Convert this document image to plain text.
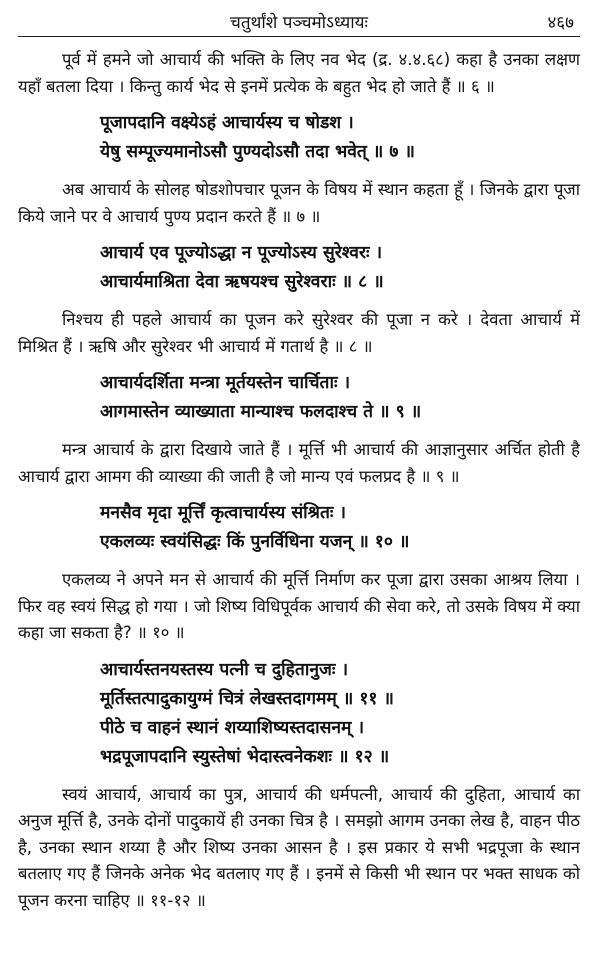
चतुर्थांशे पञ्चमोऽध्यायः	४६७

पूर्व में हमने जो आचार्य की भक्ति के लिए नव भेद (द्र. ४.४.६८) कहा है उनका लक्षण यहाँ बतला दिया । किन्तु कार्य भेद से इनमें प्रत्येक के बहुत भेद हो जाते हैं ॥ ६ ॥

पूजापदानि वक्ष्येऽहं आचार्यस्य च षोडश ।
येषु सम्पूज्यमानोऽसौ पुण्यदोऽसौ तदा भवेत् ॥ ७ ॥

अब आचार्य के सोलह षोडशोपचार पूजन के विषय में स्थान कहता हूँ । जिनके द्वारा पूजा किये जाने पर वे आचार्य पुण्य प्रदान करते हैं ॥ ७ ॥

आचार्य एव पूज्योऽद्धा न पूज्योऽस्य सुरेश्वरः ।
आचार्यमाश्रिता देवा ऋषयश्च सुरेश्वराः ॥ ८ ॥

निश्चय ही पहले आचार्य का पूजन करे सुरेश्वर की पूजा न करे । देवता आचार्य में मिश्रित हैं । ऋषि और सुरेश्वर भी आचार्य में गतार्थ है ॥ ८ ॥

आचार्यदर्शिता मन्त्रा मूर्तयस्तेन चार्चिताः ।
आगमास्तेन व्याख्याता मान्याश्च फलदाश्च ते ॥ ९ ॥

मन्त्र आचार्य के द्वारा दिखाये जाते हैं । मूर्त्ति भी आचार्य की आज्ञानुसार अर्चित होती है आचार्य द्वारा आमग की व्याख्या की जाती है जो मान्य एवं फलप्रद है ॥ ९ ॥

मनसैव मृदा मूर्त्तिं कृत्वाचार्यस्य संश्रितः ।
एकलव्यः स्वयंसिद्धः किं पुनर्विधिना यजन् ॥ १० ॥

एकलव्य ने अपने मन से आचार्य की मूर्त्ति निर्माण कर पूजा द्वारा उसका आश्रय लिया । फिर वह स्वयं सिद्ध हो गया । जो शिष्य विधिपूर्वक आचार्य की सेवा करे, तो उसके विषय में क्या कहा जा सकता है? ॥ १० ॥

आचार्यस्तनयस्तस्य पत्नी च दुहितानुजः ।
मूर्तिस्तत्पादुकायुग्मं चित्रं लेखस्तदागमम् ॥ ११ ॥
पीठे च वाहनं स्थानं शय्याशिष्यस्तदासनम् ।
भद्रपूजापदानि स्युस्तेषां भेदास्त्वनेकशः ॥ १२ ॥

स्वयं आचार्य, आचार्य का पुत्र, आचार्य की धर्मपत्नी, आचार्य की दुहिता, आचार्य का अनुज मूर्त्ति है, उनके दोनों पादुकायें ही उनका चित्र है । समझो आगम उनका लेख है, वाहन पीठ है, उनका स्थान शय्या है और शिष्य उनका आसन है । इस प्रकार ये सभी भद्रपूजा के स्थान बतलाए गए हैं जिनके अनेक भेद बतलाए गए हैं । इनमें से किसी भी स्थान पर भक्त साधक को पूजन करना चाहिए ॥ ११-१२ ॥
